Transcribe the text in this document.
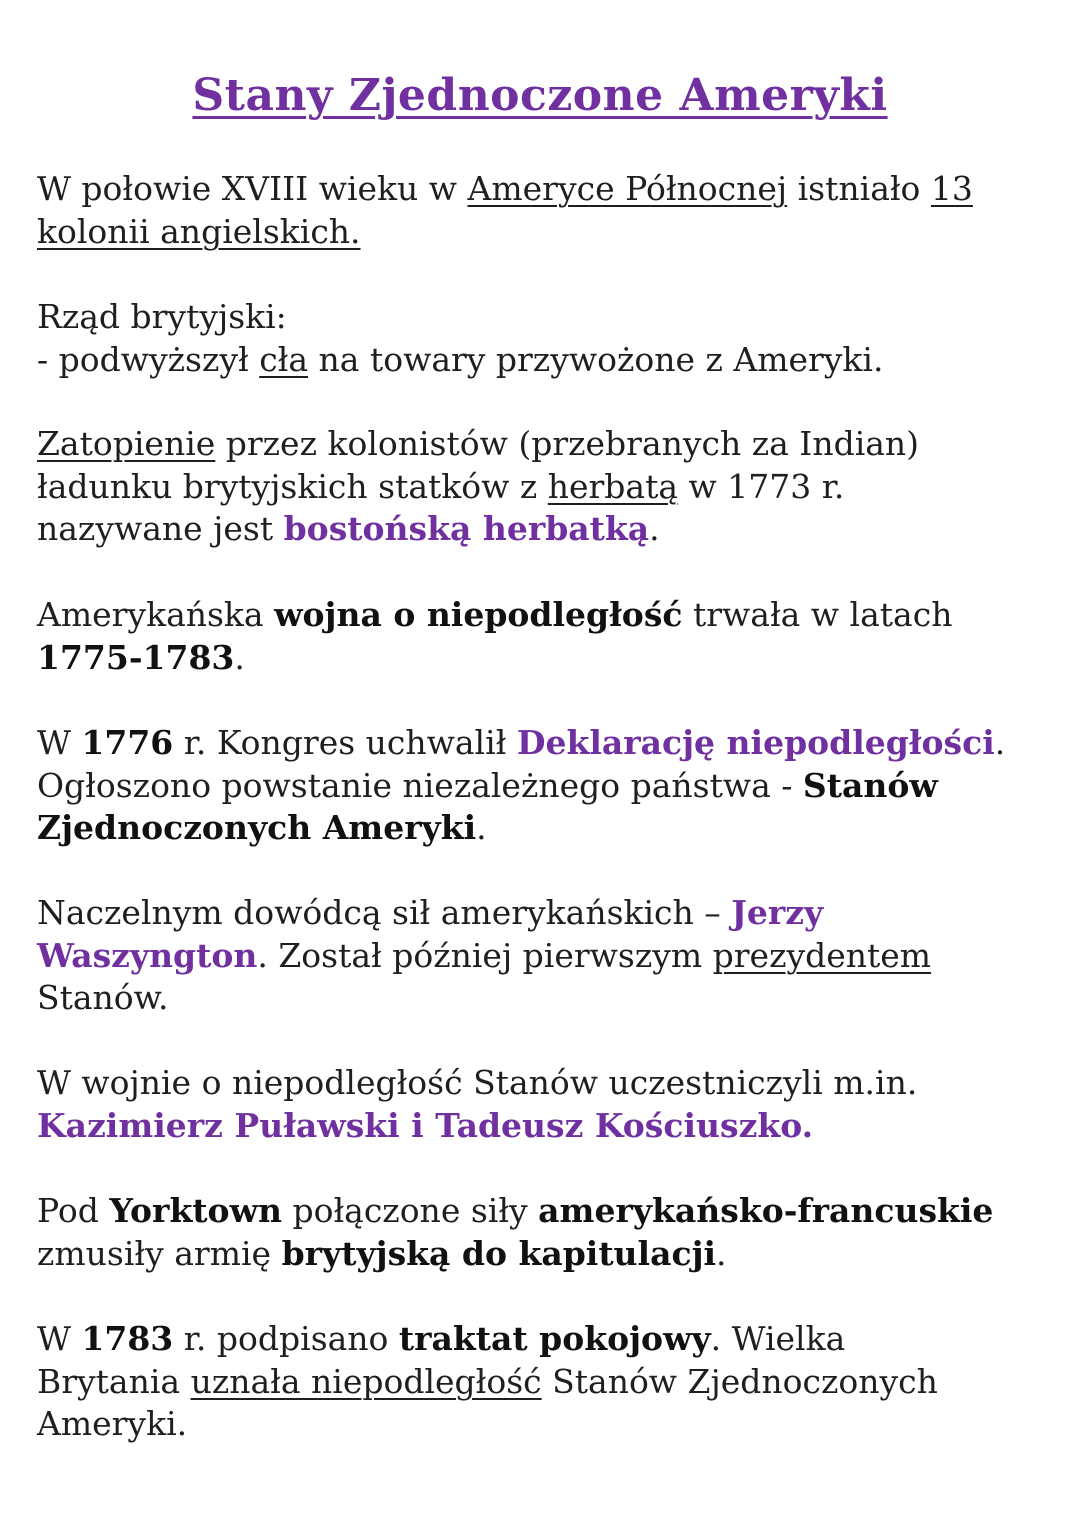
Stany Zjednoczone Ameryki

W połowie XVIII wieku w Ameryce Północnej istniało 13
kolonii angielskich.

Rząd brytyjski:
- podwyższył cła na towary przywożone z Ameryki.

Zatopienie przez kolonistów (przebranych za Indian)
ładunku brytyjskich statków z herbatą w 1773 r.
nazywane jest bostońską herbatką.

Amerykańska wojna o niepodległość trwała w latach
1775-1783.

W 1776 r. Kongres uchwalił Deklarację niepodległości.
Ogłoszono powstanie niezależnego państwa - Stanów
Zjednoczonych Ameryki.

Naczelnym dowódcą sił amerykańskich – Jerzy
Waszyngton. Został później pierwszym prezydentem
Stanów.

W wojnie o niepodległość Stanów uczestniczyli m.in.
Kazimierz Puławski i Tadeusz Kościuszko.

Pod Yorktown połączone siły amerykańsko-francuskie
zmusiły armię brytyjską do kapitulacji.

W 1783 r. podpisano traktat pokojowy. Wielka
Brytania uznała niepodległość Stanów Zjednoczonych
Ameryki.
